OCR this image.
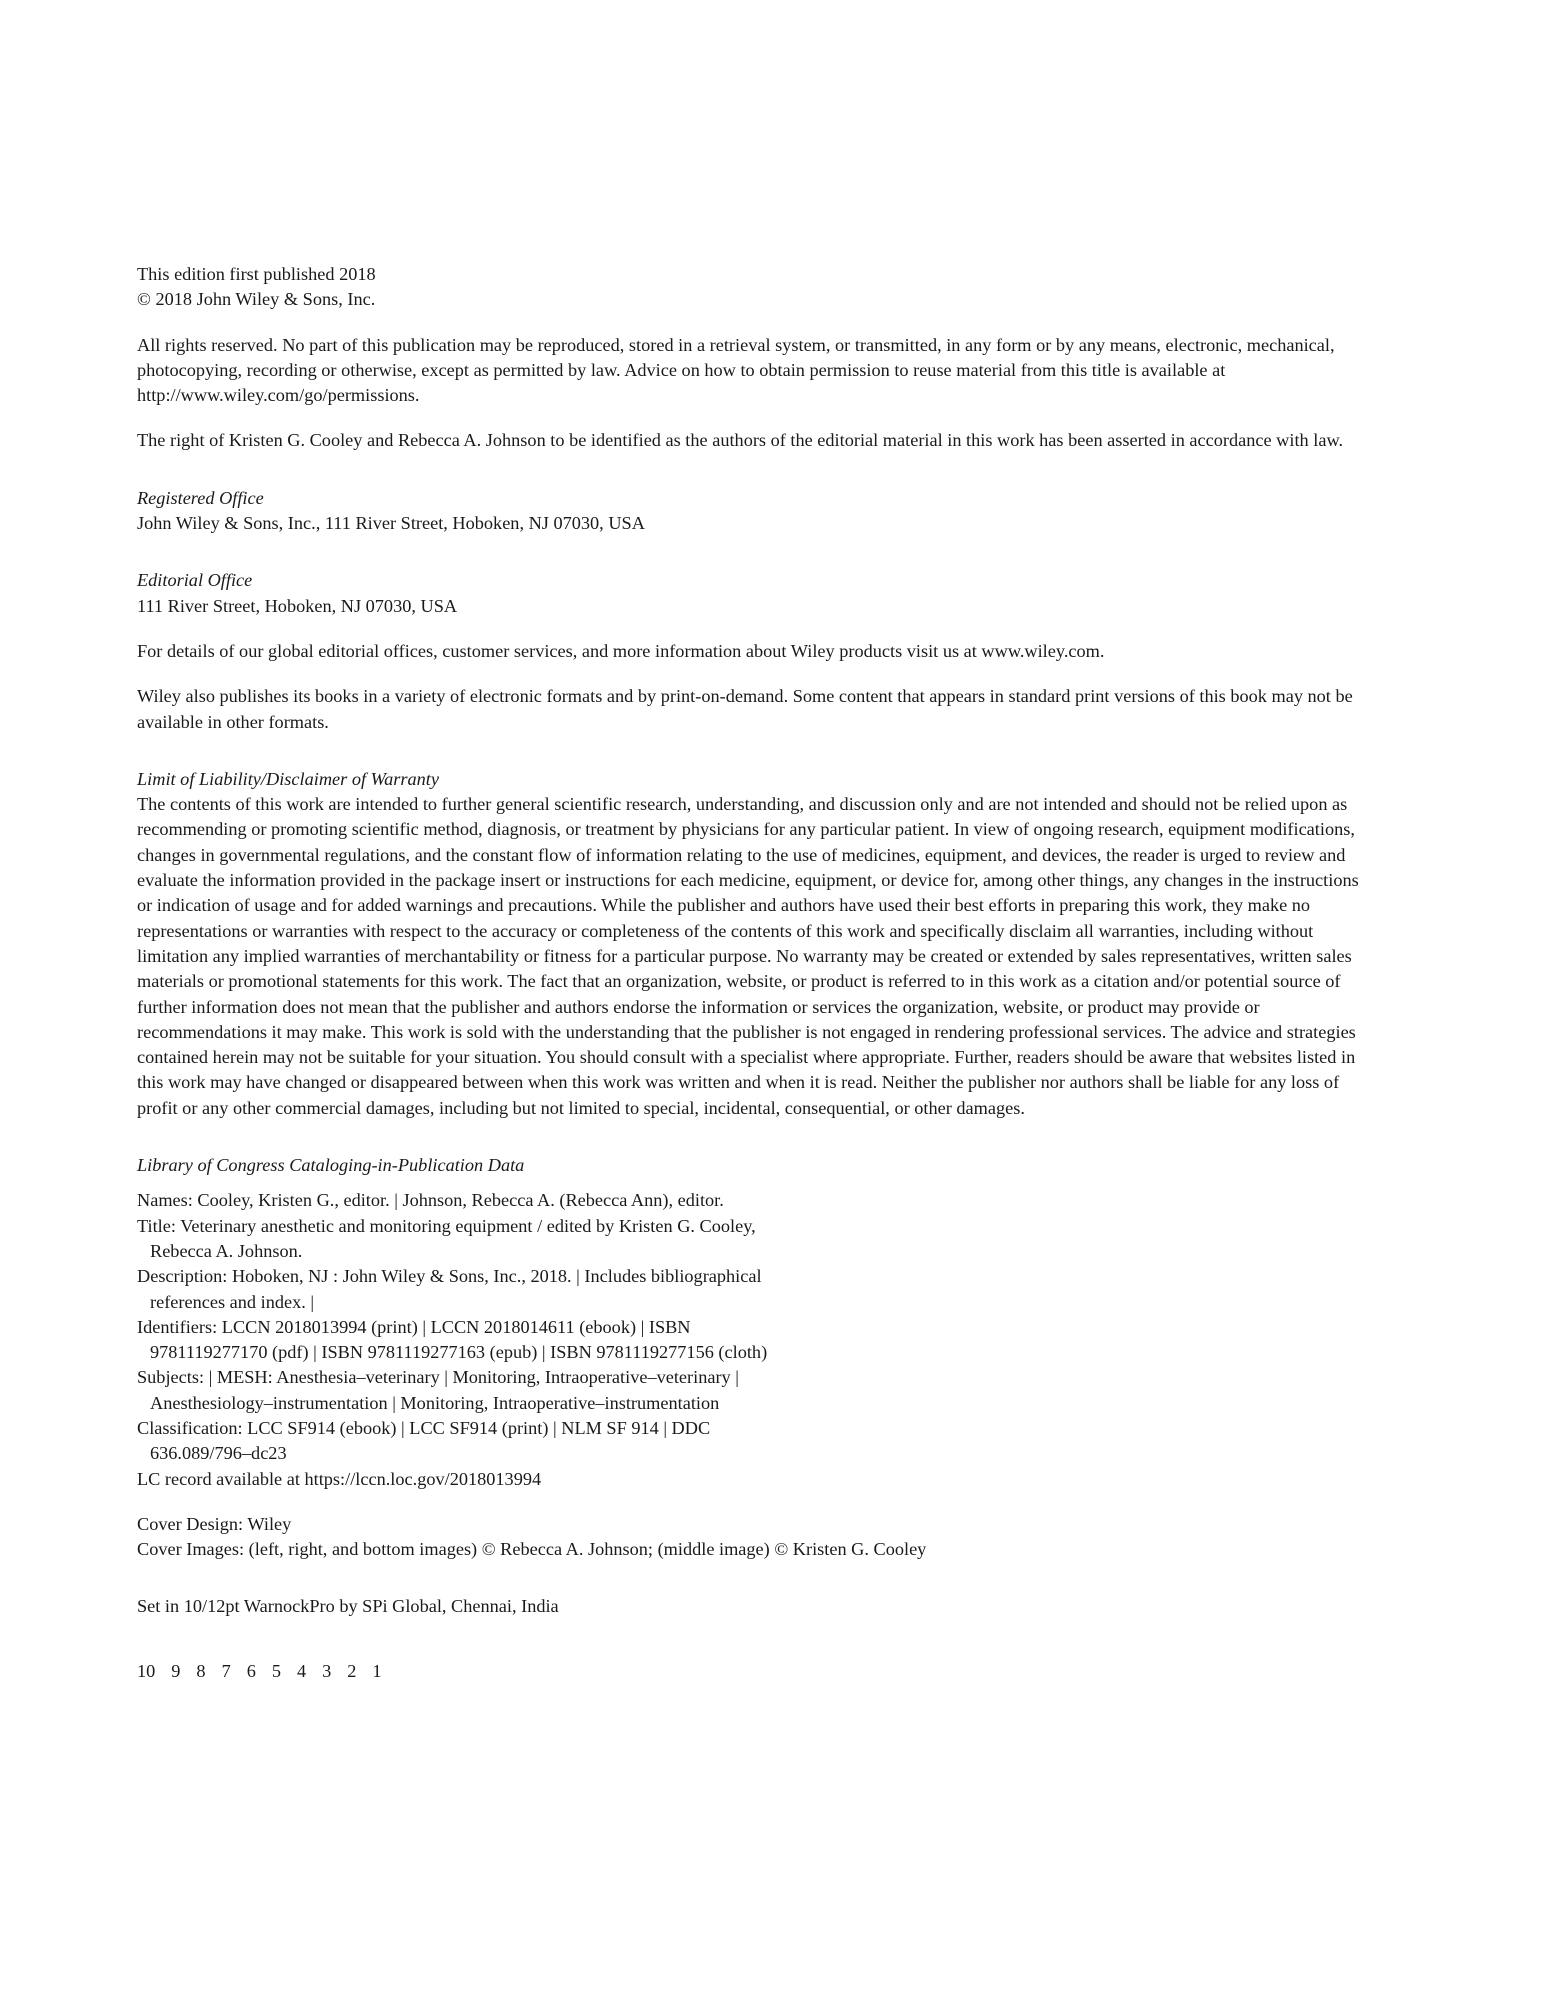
This edition first published 2018

© 2018 John Wiley & Sons, Inc.

All rights reserved. No part of this publication may be reproduced, stored in a retrieval system, or transmitted, in any form or by any means, electronic, mechanical, photocopying, recording or otherwise, except as permitted by law. Advice on how to obtain permission to reuse material from this title is available at http://www.wiley.com/go/permissions.

The right of Kristen G. Cooley and Rebecca A. Johnson to be identified as the authors of the editorial material in this work has been asserted in accordance with law.

Registered Office

John Wiley & Sons, Inc., 111 River Street, Hoboken, NJ 07030, USA

Editorial Office

111 River Street, Hoboken, NJ 07030, USA

For details of our global editorial offices, customer services, and more information about Wiley products visit us at www.wiley.com.

Wiley also publishes its books in a variety of electronic formats and by print-on-demand. Some content that appears in standard print versions of this book may not be available in other formats.

Limit of Liability/Disclaimer of Warranty

The contents of this work are intended to further general scientific research, understanding, and discussion only and are not intended and should not be relied upon as recommending or promoting scientific method, diagnosis, or treatment by physicians for any particular patient. In view of ongoing research, equipment modifications, changes in governmental regulations, and the constant flow of information relating to the use of medicines, equipment, and devices, the reader is urged to review and evaluate the information provided in the package insert or instructions for each medicine, equipment, or device for, among other things, any changes in the instructions or indication of usage and for added warnings and precautions. While the publisher and authors have used their best efforts in preparing this work, they make no representations or warranties with respect to the accuracy or completeness of the contents of this work and specifically disclaim all warranties, including without limitation any implied warranties of merchantability or fitness for a particular purpose. No warranty may be created or extended by sales representatives, written sales materials or promotional statements for this work. The fact that an organization, website, or product is referred to in this work as a citation and/or potential source of further information does not mean that the publisher and authors endorse the information or services the organization, website, or product may provide or recommendations it may make. This work is sold with the understanding that the publisher is not engaged in rendering professional services. The advice and strategies contained herein may not be suitable for your situation. You should consult with a specialist where appropriate. Further, readers should be aware that websites listed in this work may have changed or disappeared between when this work was written and when it is read. Neither the publisher nor authors shall be liable for any loss of profit or any other commercial damages, including but not limited to special, incidental, consequential, or other damages.

Library of Congress Cataloging-in-Publication Data

Names: Cooley, Kristen G., editor. | Johnson, Rebecca A. (Rebecca Ann), editor.

Title: Veterinary anesthetic and monitoring equipment / edited by Kristen G. Cooley, Rebecca A. Johnson.

Description: Hoboken, NJ : John Wiley & Sons, Inc., 2018. | Includes bibliographical references and index. |

Identifiers: LCCN 2018013994 (print) | LCCN 2018014611 (ebook) | ISBN 9781119277170 (pdf) | ISBN 9781119277163 (epub) | ISBN 9781119277156 (cloth)

Subjects: | MESH: Anesthesia–veterinary | Monitoring, Intraoperative–veterinary | Anesthesiology–instrumentation | Monitoring, Intraoperative–instrumentation

Classification: LCC SF914 (ebook) | LCC SF914 (print) | NLM SF 914 | DDC 636.089/796–dc23

LC record available at https://lccn.loc.gov/2018013994

Cover Design: Wiley

Cover Images: (left, right, and bottom images) © Rebecca A. Johnson; (middle image) © Kristen G. Cooley

Set in 10/12pt WarnockPro by SPi Global, Chennai, India

10 9 8 7 6 5 4 3 2 1
